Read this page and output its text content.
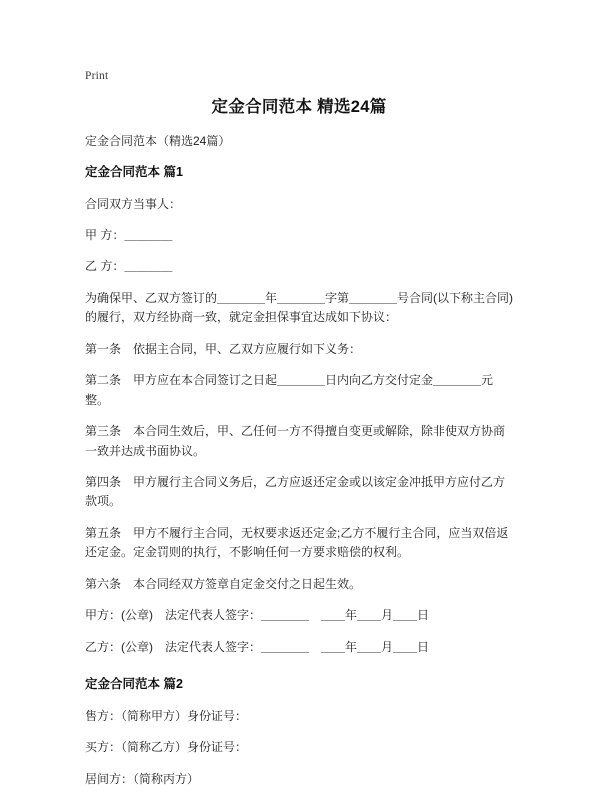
Print
定金合同范本 精选24篇

定金合同范本（精选24篇）

定金合同范本 篇1

合同双方当事人：

甲 方：＿＿＿＿

乙 方：＿＿＿＿

为确保甲、乙双方签订的＿＿＿＿年＿＿＿＿字第＿＿＿＿号合同(以下称主合同)的履行，双方经协商一致，就定金担保事宜达成如下协议：

第一条　依据主合同，甲、乙双方应履行如下义务：

第二条　甲方应在本合同签订之日起＿＿＿＿日内向乙方交付定金＿＿＿＿元整。

第三条　本合同生效后，甲、乙任何一方不得擅自变更或解除，除非使双方协商一致并达成书面协议。

第四条　甲方履行主合同义务后，乙方应返还定金或以该定金冲抵甲方应付乙方款项。

第五条　甲方不履行主合同，无权要求返还定金;乙方不履行主合同，应当双倍返还定金。定金罚则的执行，不影响任何一方要求赔偿的权利。

第六条　本合同经双方签章自定金交付之日起生效。

甲方：(公章)　法定代表人签字：＿＿＿＿　＿＿年＿＿月＿＿日

乙方：(公章)　法定代表人签字：＿＿＿＿　＿＿年＿＿月＿＿日

定金合同范本 篇2

售方：（简称甲方）身份证号：

买方：（简称乙方）身份证号：

居间方：（简称丙方）
